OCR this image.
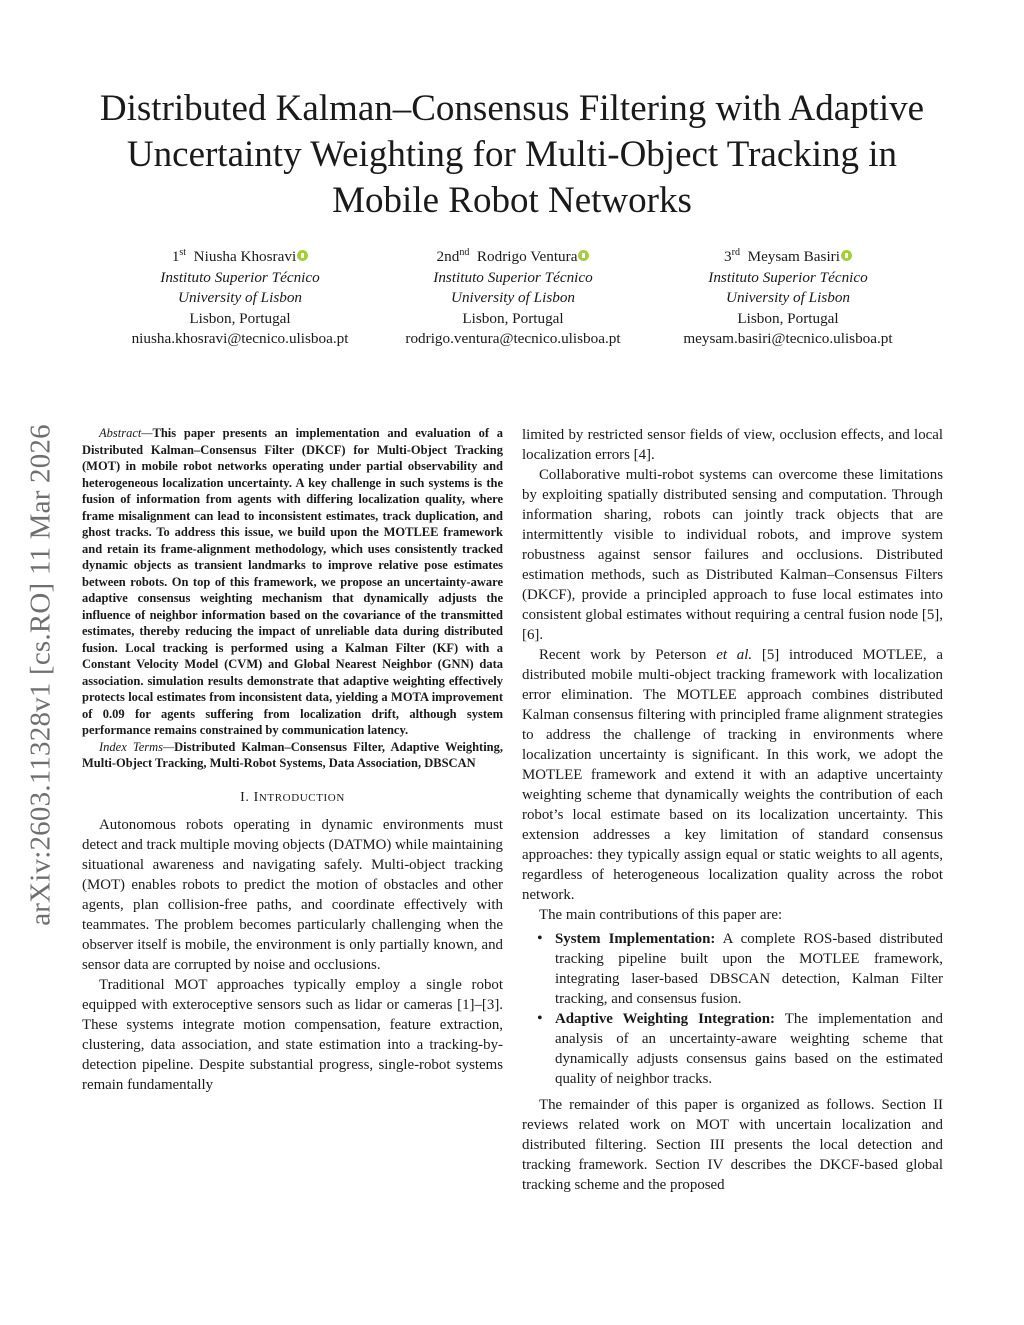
arXiv:2603.11328v1 [cs.RO] 11 Mar 2026
Distributed Kalman–Consensus Filtering with Adaptive Uncertainty Weighting for Multi-Object Tracking in Mobile Robot Networks
1st Niusha Khosravi
Instituto Superior Técnico
University of Lisbon
Lisbon, Portugal
niusha.khosravi@tecnico.ulisboa.pt
$2nd^{nd}$ Rodrigo Ventura
Instituto Superior Técnico
University of Lisbon
Lisbon, Portugal
rodrigo.ventura@tecnico.ulisboa.pt
3rd Meysam Basiri
Instituto Superior Técnico
University of Lisbon
Lisbon, Portugal
meysam.basiri@tecnico.ulisboa.pt

Abstract—This paper presents an implementation and evaluation of a Distributed Kalman–Consensus Filter (DKCF) for Multi-Object Tracking (MOT) in mobile robot networks operating under partial observability and heterogeneous localization uncertainty. A key challenge in such systems is the fusion of information from agents with differing localization quality, where frame misalignment can lead to inconsistent estimates, track duplication, and ghost tracks. To address this issue, we build upon the MOTLEE framework and retain its frame-alignment methodology, which uses consistently tracked dynamic objects as transient landmarks to improve relative pose estimates between robots. On top of this framework, we propose an uncertainty-aware adaptive consensus weighting mechanism that dynamically adjusts the influence of neighbor information based on the covariance of the transmitted estimates, thereby reducing the impact of unreliable data during distributed fusion. Local tracking is performed using a Kalman Filter (KF) with a Constant Velocity Model (CVM) and Global Nearest Neighbor (GNN) data association. simulation results demonstrate that adaptive weighting effectively protects local estimates from inconsistent data, yielding a MOTA improvement of 0.09 for agents suffering from localization drift, although system performance remains constrained by communication latency.

Index Terms—Distributed Kalman–Consensus Filter, Adaptive Weighting, Multi-Object Tracking, Multi-Robot Systems, Data Association, DBSCAN

I. INTRODUCTION

Autonomous robots operating in dynamic environments must detect and track multiple moving objects (DATMO) while maintaining situational awareness and navigating safely. Multi-object tracking (MOT) enables robots to predict the motion of obstacles and other agents, plan collision-free paths, and coordinate effectively with teammates. The problem becomes particularly challenging when the observer itself is mobile, the environment is only partially known, and sensor data are corrupted by noise and occlusions.

Traditional MOT approaches typically employ a single robot equipped with exteroceptive sensors such as lidar or cameras [1]–[3]. These systems integrate motion compensation, feature extraction, clustering, data association, and state estimation into a tracking-by-detection pipeline. Despite substantial progress, single-robot systems remain fundamentally

limited by restricted sensor fields of view, occlusion effects, and local localization errors [4].

Collaborative multi-robot systems can overcome these limitations by exploiting spatially distributed sensing and computation. Through information sharing, robots can jointly track objects that are intermittently visible to individual robots, and improve system robustness against sensor failures and occlusions. Distributed estimation methods, such as Distributed Kalman–Consensus Filters (DKCF), provide a principled approach to fuse local estimates into consistent global estimates without requiring a central fusion node [5], [6].

Recent work by Peterson et al. [5] introduced MOTLEE, a distributed mobile multi-object tracking framework with localization error elimination. The MOTLEE approach combines distributed Kalman consensus filtering with principled frame alignment strategies to address the challenge of tracking in environments where localization uncertainty is significant. In this work, we adopt the MOTLEE framework and extend it with an adaptive uncertainty weighting scheme that dynamically weights the contribution of each robot’s local estimate based on its localization uncertainty. This extension addresses a key limitation of standard consensus approaches: they typically assign equal or static weights to all agents, regardless of heterogeneous localization quality across the robot network.

The main contributions of this paper are:

• System Implementation: A complete ROS-based distributed tracking pipeline built upon the MOTLEE framework, integrating laser-based DBSCAN detection, Kalman Filter tracking, and consensus fusion.
• Adaptive Weighting Integration: The implementation and analysis of an uncertainty-aware weighting scheme that dynamically adjusts consensus gains based on the estimated quality of neighbor tracks.

The remainder of this paper is organized as follows. Section II reviews related work on MOT with uncertain localization and distributed filtering. Section III presents the local detection and tracking framework. Section IV describes the DKCF-based global tracking scheme and the proposed
